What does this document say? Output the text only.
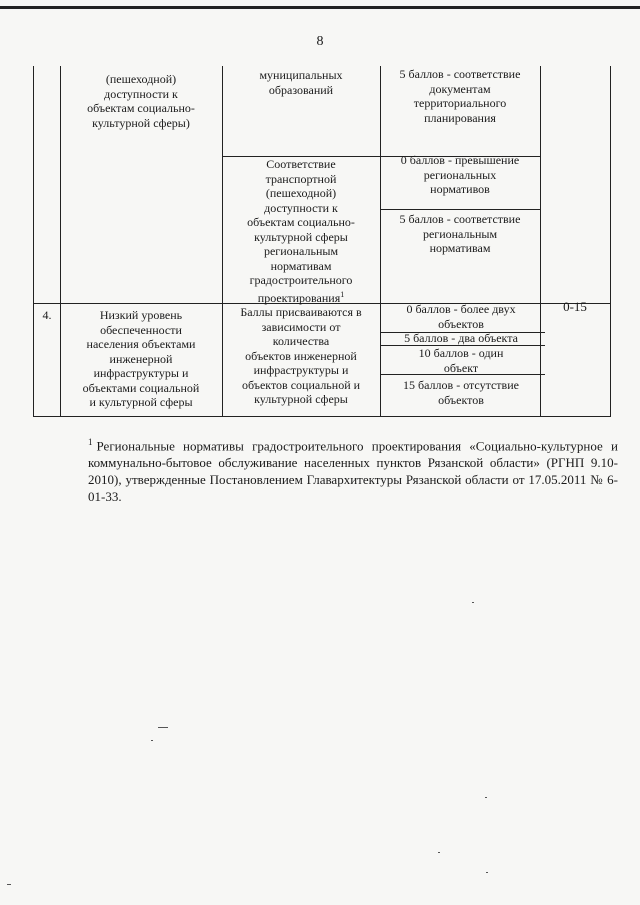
8
(пешеходной)
доступности к
объектам социально-
культурной сферы)
муниципальных
образований
5 баллов - соответствие
документам
территориального
планирования
Соответствие
транспортной
(пешеходной)
доступности к
объектам социально-
культурной сферы
региональным
нормативам
градостроительного
проектирования$^1$
0 баллов - превышение
региональных
нормативов
5 баллов - соответствие
региональным
нормативам
4.	Низкий уровень
обеспеченности
населения объектами
инженерной
инфраструктуры и
объектами социальной
и культурной сферы
Баллы присваиваются в
зависимости от
количества
объектов инженерной
инфраструктуры и
объектов социальной и
культурной сферы
0 баллов - более двух
объектов
5 баллов - два объекта
10 баллов - один
объект
15 баллов - отсутствие
объектов
0-15
$^1$ Региональные нормативы градостроительного проектирования «Социально-культурное и коммунально-бытовое обслуживание населенных пунктов Рязанской области» (РГНП 9.10-2010), утвержденные Постановлением Главархитектуры Рязанской области от 17.05.2011 № 6-01-33.
